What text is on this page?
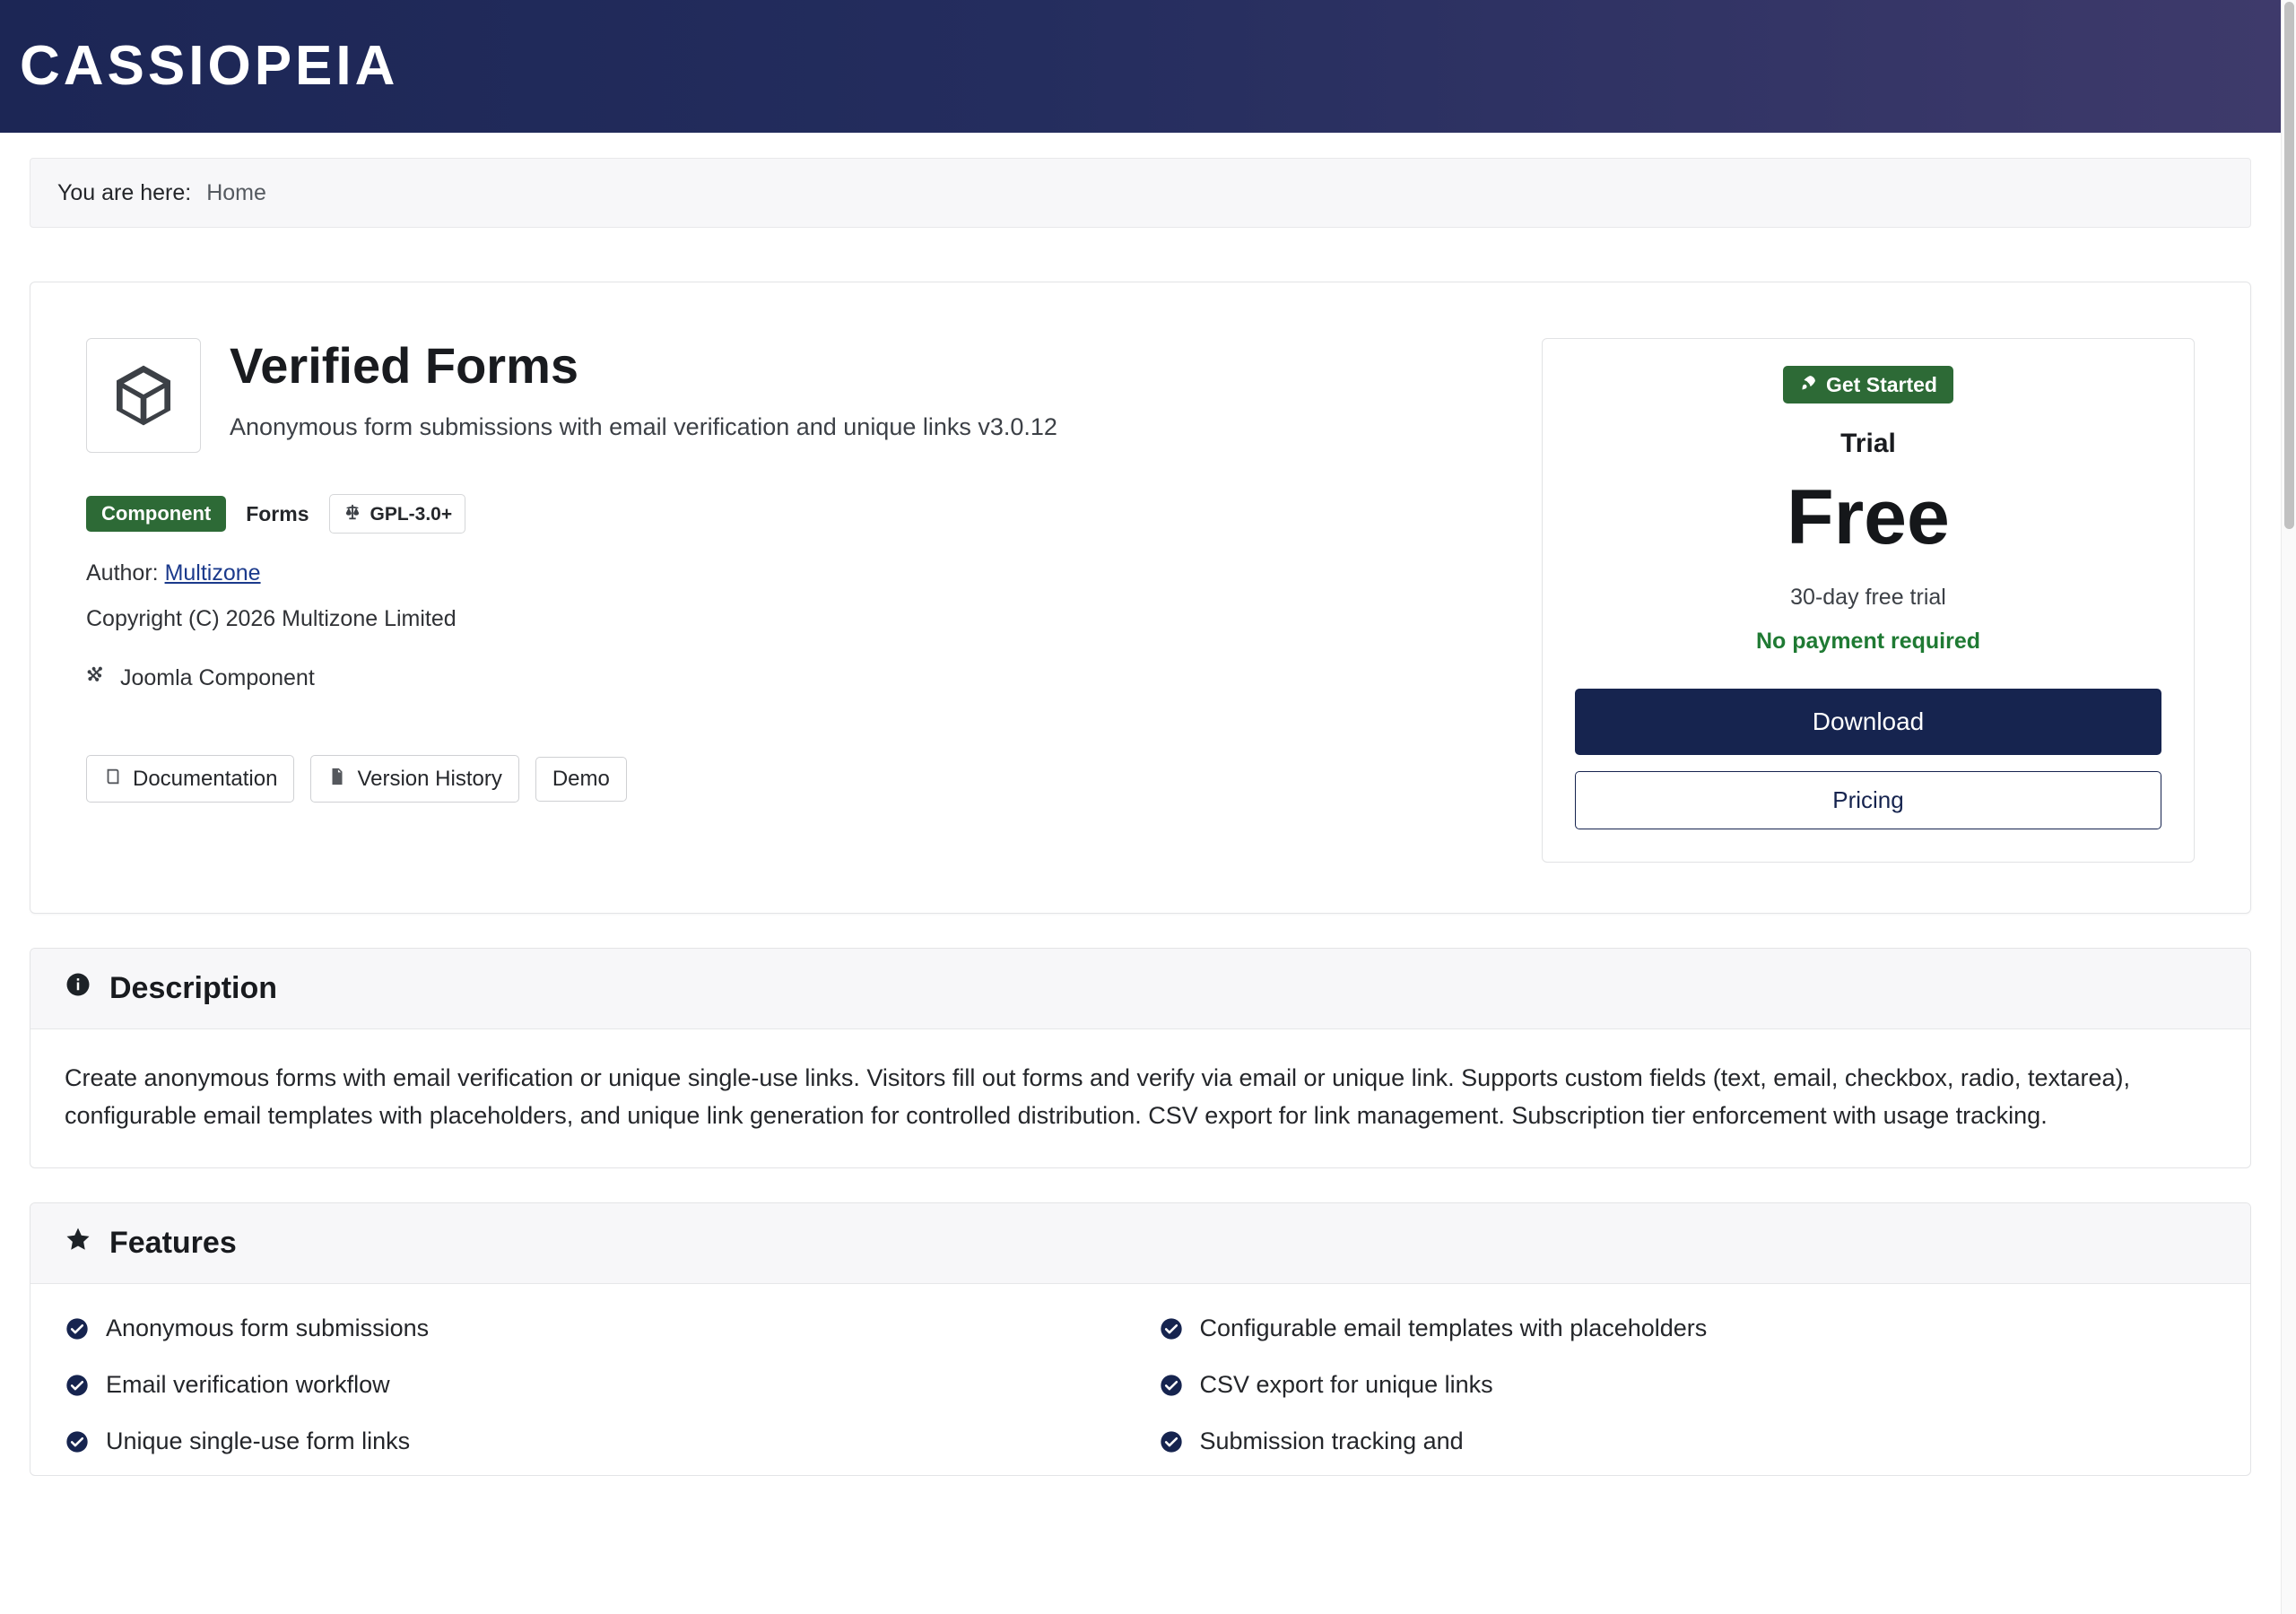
CASSIOPEIA
You are here: Home
Verified Forms

Anonymous form submissions with email verification and unique links v3.0.12

Component	Forms	GPL-3.0+
Author: Multizone
Copyright (C) 2026 Multizone Limited
Joomla Component
Documentation	Version History Demo
Get Started
Trial
Free
30-day free trial
No payment required
Download Pricing
Description
Create anonymous forms with email verification or unique single-use links. Visitors fill out forms and verify via email or unique link. Supports custom fields (text, email, checkbox, radio, textarea), configurable email templates with placeholders, and unique link generation for controlled distribution. CSV export for link management. Subscription tier enforcement with usage tracking.
Features
Anonymous form submissions	Configurable email templates with placeholders
Email verification workflow	CSV export for unique links
Unique single-use form links	Submission tracking and
